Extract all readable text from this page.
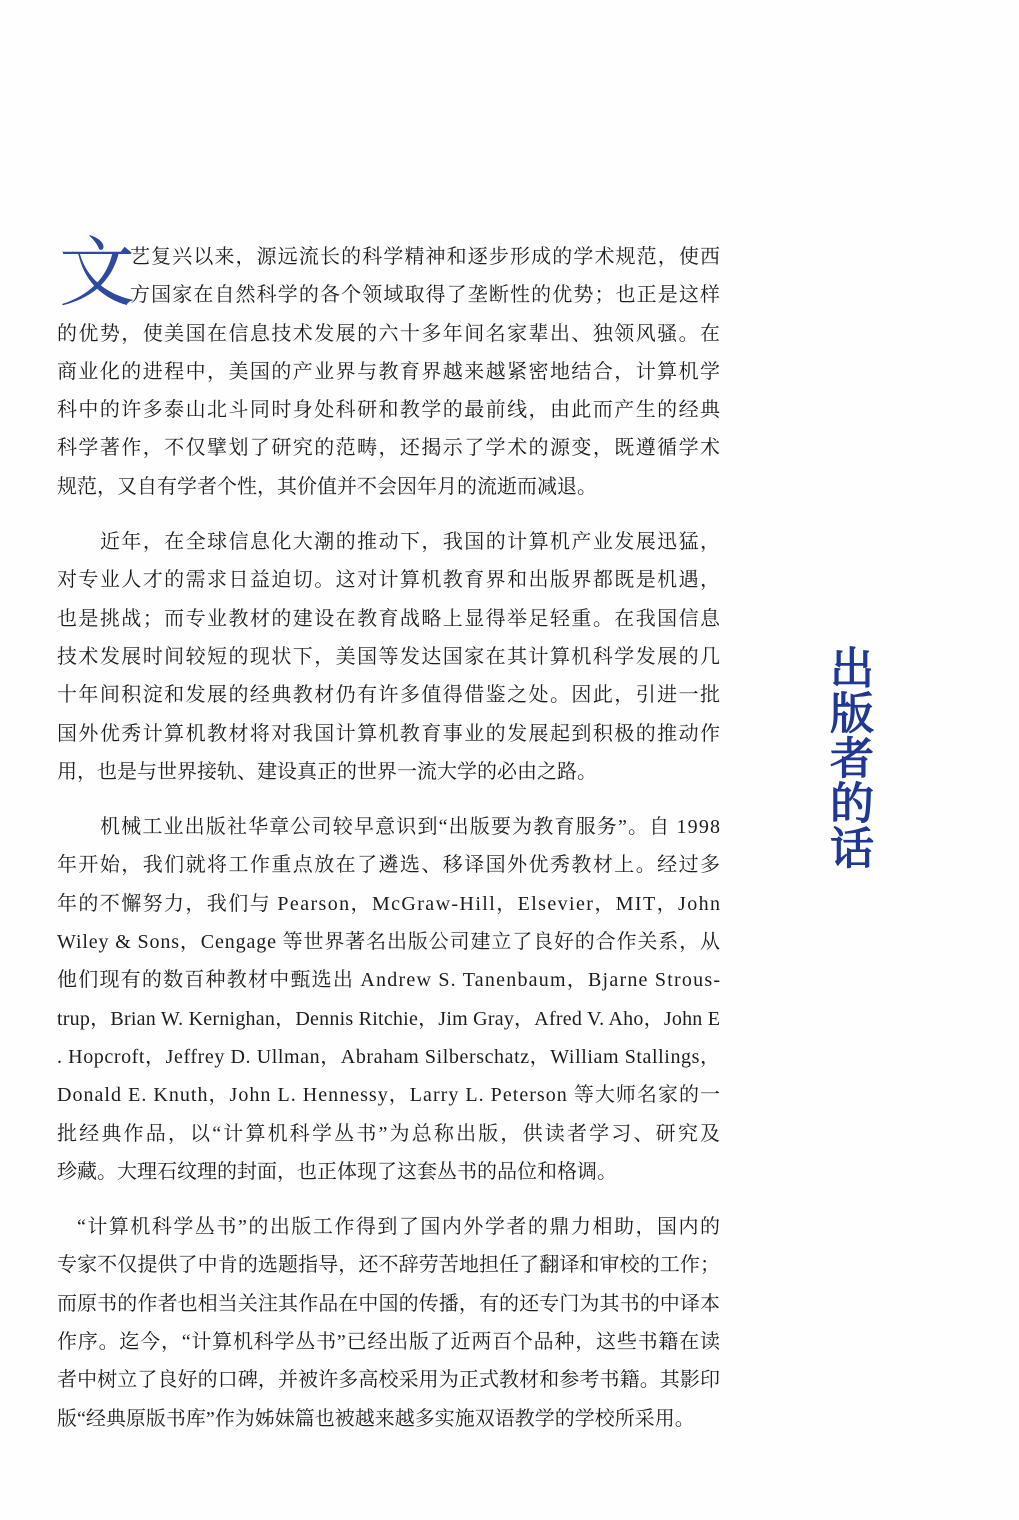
文
艺复兴以来，源远流长的科学精神和逐步形成的学术规范，使西
方国家在自然科学的各个领域取得了垄断性的优势；也正是这样
的优势，使美国在信息技术发展的六十多年间名家辈出、独领风骚。在
商业化的进程中，美国的产业界与教育界越来越紧密地结合，计算机学
科中的许多泰山北斗同时身处科研和教学的最前线，由此而产生的经典
科学著作，不仅擘划了研究的范畴，还揭示了学术的源变，既遵循学术
规范，又自有学者个性，其价值并不会因年月的流逝而减退。
近年，在全球信息化大潮的推动下，我国的计算机产业发展迅猛，
对专业人才的需求日益迫切。这对计算机教育界和出版界都既是机遇，
也是挑战；而专业教材的建设在教育战略上显得举足轻重。在我国信息
技术发展时间较短的现状下，美国等发达国家在其计算机科学发展的几
十年间积淀和发展的经典教材仍有许多值得借鉴之处。因此，引进一批
国外优秀计算机教材将对我国计算机教育事业的发展起到积极的推动作
用，也是与世界接轨、建设真正的世界一流大学的必由之路。
机械工业出版社华章公司较早意识到“出版要为教育服务”。自 1998
年开始，我们就将工作重点放在了遴选、移译国外优秀教材上。经过多
年的不懈努力，我们与 Pearson，McGraw-Hill，Elsevier，MIT，John
Wiley & Sons，Cengage 等世界著名出版公司建立了良好的合作关系，从
他们现有的数百种教材中甄选出 Andrew S. Tanenbaum，Bjarne Strous-
trup，Brian W. Kernighan，Dennis Ritchie，Jim Gray，Afred V. Aho，John E
. Hopcroft，Jeffrey D. Ullman，Abraham Silberschatz，William Stallings，
Donald E. Knuth，John L. Hennessy，Larry L. Peterson 等大师名家的一
批经典作品，以“计算机科学丛书”为总称出版，供读者学习、研究及
珍藏。大理石纹理的封面，也正体现了这套丛书的品位和格调。
“计算机科学丛书”的出版工作得到了国内外学者的鼎力相助，国内的
专家不仅提供了中肯的选题指导，还不辞劳苦地担任了翻译和审校的工作；
而原书的作者也相当关注其作品在中国的传播，有的还专门为其书的中译本
作序。迄今，“计算机科学丛书”已经出版了近两百个品种，这些书籍在读
者中树立了良好的口碑，并被许多高校采用为正式教材和参考书籍。其影印
版“经典原版书库”作为姊妹篇也被越来越多实施双语教学的学校所采用。
出版者的话
